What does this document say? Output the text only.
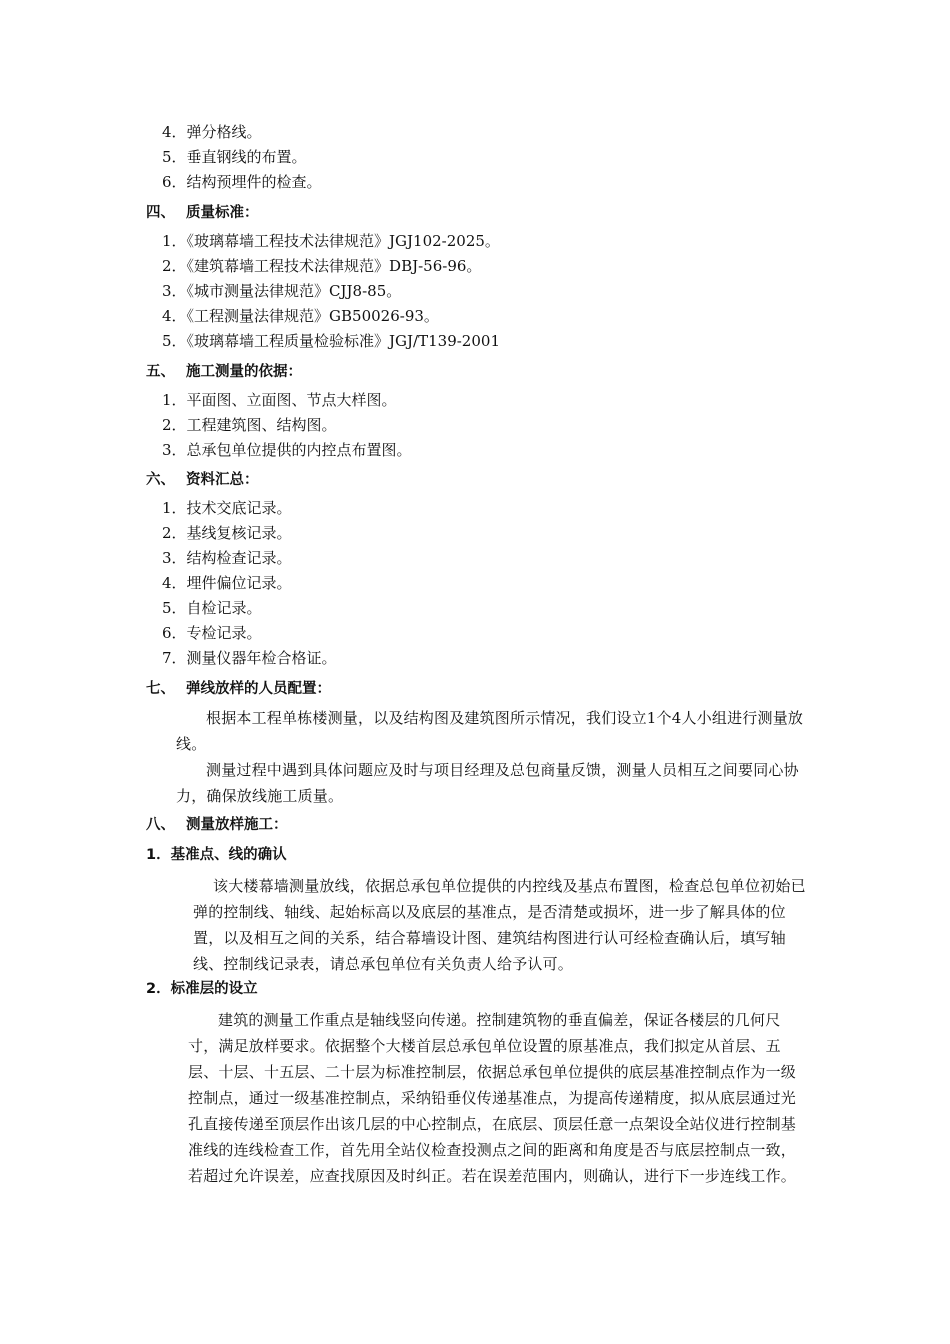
4．弹分格线。
5．垂直钢线的布置。
6．结构预埋件的检查。
四、 质量标准：
1．《玻璃幕墙工程技术法律规范》JGJ102-2025。
2．《建筑幕墙工程技术法律规范》DBJ-56-96。
3．《城市测量法律规范》CJJ8-85。
4．《工程测量法律规范》GB50026-93。
5．《玻璃幕墙工程质量检验标准》JGJ/T139-2001
五、 施工测量的依据：
1．平面图、立面图、节点大样图。
2．工程建筑图、结构图。
3．总承包单位提供的内控点布置图。
六、 资料汇总：
1．技术交底记录。
2．基线复核记录。
3．结构检查记录。
4．埋件偏位记录。
5．自检记录。
6．专检记录。
7．测量仪器年检合格证。
七、 弹线放样的人员配置：
根据本工程单栋楼测量，以及结构图及建筑图所示情况，我们设立1个4人小组进行测量放线。
测量过程中遇到具体问题应及时与项目经理及总包商量反馈，测量人员相互之间要同心协力，确保放线施工质量。
八、 测量放样施工：
1．基准点、线的确认
该大楼幕墙测量放线，依据总承包单位提供的内控线及基点布置图，检查总包单位初始已弹的控制线、轴线、起始标高以及底层的基准点，是否清楚或损坏，进一步了解具体的位置，以及相互之间的关系，结合幕墙设计图、建筑结构图进行认可经检查确认后，填写轴线、控制线记录表，请总承包单位有关负责人给予认可。
2．标准层的设立
建筑的测量工作重点是轴线竖向传递。控制建筑物的垂直偏差，保证各楼层的几何尺寸，满足放样要求。依据整个大楼首层总承包单位设置的原基准点，我们拟定从首层、五层、十层、十五层、二十层为标准控制层，依据总承包单位提供的底层基准控制点作为一级控制点，通过一级基准控制点，采纳铅垂仪传递基准点，为提高传递精度，拟从底层通过光孔直接传递至顶层作出该几层的中心控制点，在底层、顶层任意一点架设全站仪进行控制基准线的连线检查工作，首先用全站仪检查投测点之间的距离和角度是否与底层控制点一致，若超过允许误差，应查找原因及时纠正。若在误差范围内，则确认，进行下一步连线工作。
